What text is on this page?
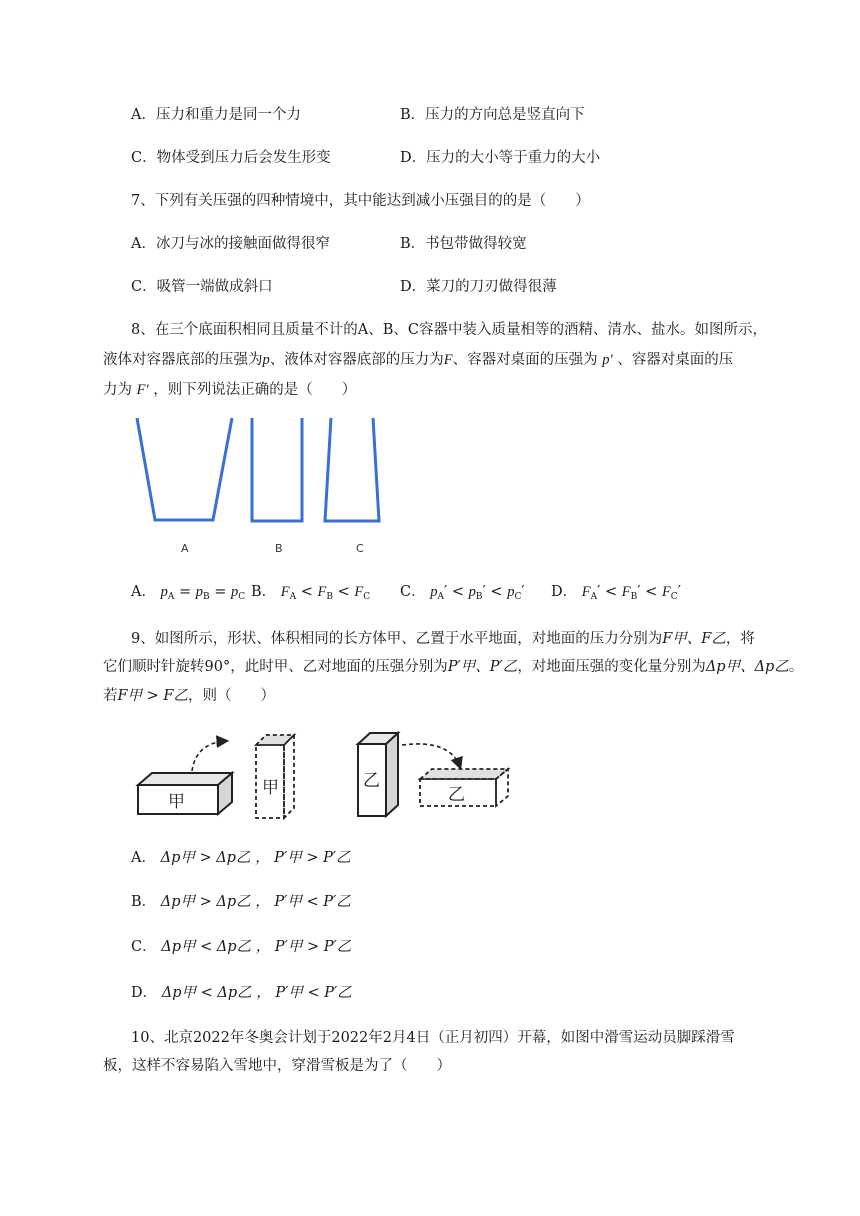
A．压力和重力是同一个力	B．压力的方向总是竖直向下
C．物体受到压力后会发生形变	D．压力的大小等于重力的大小
7、下列有关压强的四种情境中，其中能达到减小压强目的的是（　　）
A．冰刀与冰的接触面做得很窄	B．书包带做得较宽
C．吸管一端做成斜口	D．菜刀的刀刃做得很薄
8、在三个底面积相同且质量不计的A、B、C容器中装入质量相等的酒精、清水、盐水。如图所示，
液体对容器底部的压强为p、液体对容器底部的压力为F、容器对桌面的压强为 p′ 、容器对桌面的压
力为 F′ ，则下列说法正确的是（　　）
A	B	C
A． $p_A = p_B = p_C$ B． $F_A < F_B < F_C$ C． $p_A' < p_B' < p_C'$ D． $F_A' < F_B' < F_C'$
9、如图所示，形状、体积相同的长方体甲、乙置于水平地面，对地面的压力分别为F甲、F乙，将
它们顺时针旋转90°，此时甲、乙对地面的压强分别为P′甲、P′乙，对地面压强的变化量分别为Δp甲、Δp乙。
若F甲 > F乙，则（　　）
甲
甲	乙
乙
A． Δp甲 > Δp乙 ， P′甲 > P′乙
B． Δp甲 > Δp乙 ， P′甲 < P′乙
C． Δp甲 < Δp乙 ， P′甲 > P′乙
D． Δp甲 < Δp乙 ， P′甲 < P′乙
10、北京2022年冬奥会计划于2022年2月4日（正月初四）开幕，如图中滑雪运动员脚踩滑雪
板，这样不容易陷入雪地中，穿滑雪板是为了（　　）
